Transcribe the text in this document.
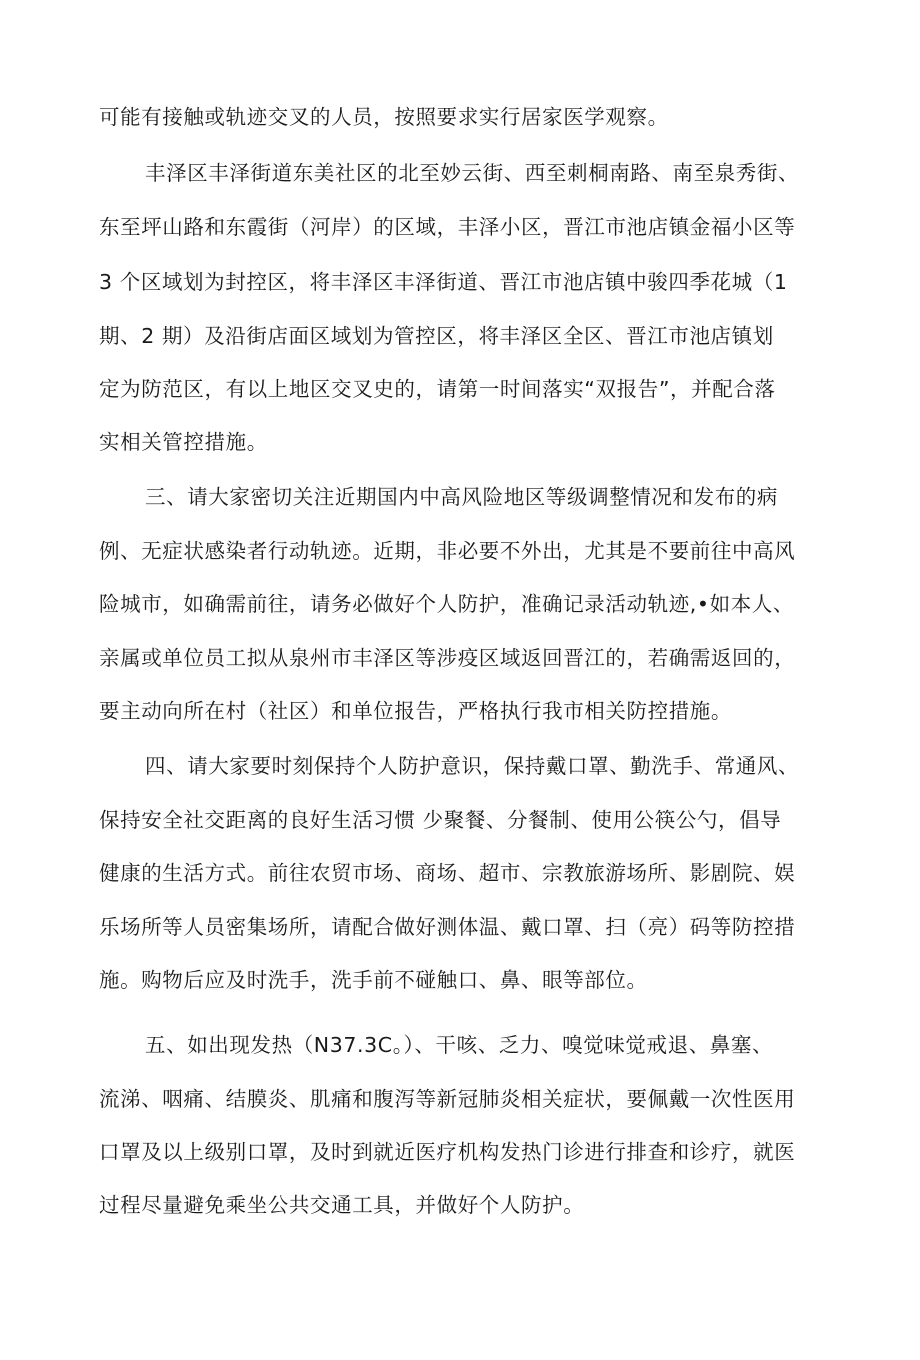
可能有接触或轨迹交叉的人员，按照要求实行居家医学观察。
丰泽区丰泽街道东美社区的北至妙云街、西至刺桐南路、南至泉秀街、
东至坪山路和东霞街（河岸）的区域，丰泽小区，晋江市池店镇金福小区等
3 个区域划为封控区，将丰泽区丰泽街道、晋江市池店镇中骏四季花城（1
期、2 期）及沿街店面区域划为管控区，将丰泽区全区、晋江市池店镇划
定为防范区，有以上地区交叉史的，请第一时间落实“双报告”，并配合落
实相关管控措施。
三、请大家密切关注近期国内中高风险地区等级调整情况和发布的病
例、无症状感染者行动轨迹。近期，非必要不外出，尤其是不要前往中高风
险城市，如确需前往，请务必做好个人防护，准确记录活动轨迹,•如本人、
亲属或单位员工拟从泉州市丰泽区等涉疫区域返回晋江的，若确需返回的，
要主动向所在村（社区）和单位报告，严格执行我市相关防控措施。
四、请大家要时刻保持个人防护意识，保持戴口罩、勤洗手、常通风、
保持安全社交距离的良好生活习惯 少聚餐、分餐制、使用公筷公勺，倡导
健康的生活方式。前往农贸市场、商场、超市、宗教旅游场所、影剧院、娱
乐场所等人员密集场所，请配合做好测体温、戴口罩、扫（亮）码等防控措
施。购物后应及时洗手，洗手前不碰触口、鼻、眼等部位。
五、如出现发热（N37.3C。）、干咳、乏力、嗅觉味觉戒退、鼻塞、
流涕、咽痛、结膜炎、肌痛和腹泻等新冠肺炎相关症状，要佩戴一次性医用
口罩及以上级别口罩，及时到就近医疗机构发热门诊进行排查和诊疗，就医
过程尽量避免乘坐公共交通工具，并做好个人防护。
